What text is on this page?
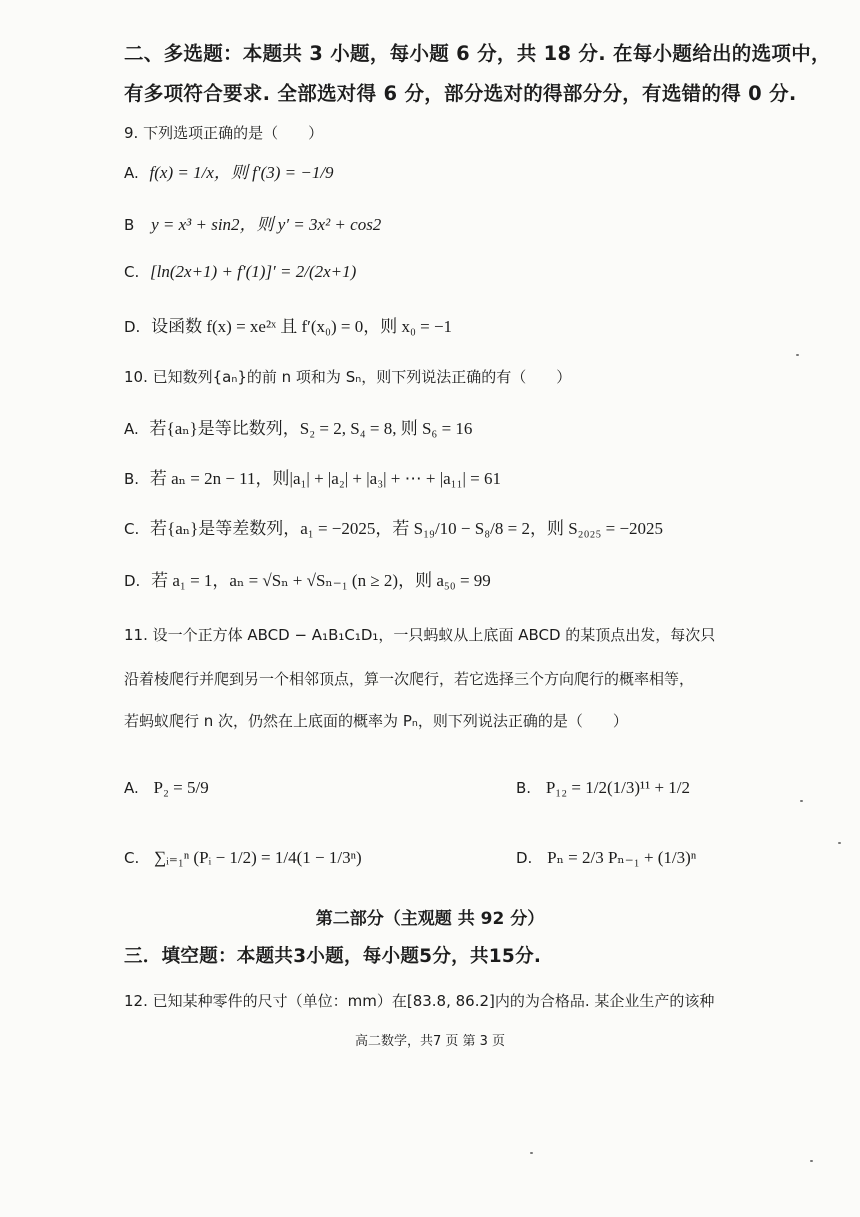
二、多选题：本题共 3 小题，每小题 6 分，共 18 分. 在每小题给出的选项中，
有多项符合要求. 全部选对得 6 分，部分选对的得部分分，有选错的得 0 分.
9. 下列选项正确的是（　　）
A. f(x) = 1/x，则 f′(3) = −1/9
B y = x³ + sin2，则 y′ = 3x² + cos2
C. [ln(2x+1) + f′(1)]′ = 2/(2x+1)
D. 设函数 f(x) = xe²ˣ 且 f′(x₀) = 0，则 x₀ = −1
10. 已知数列{aₙ}的前 n 项和为 Sₙ，则下列说法正确的有（　　）
A. 若{aₙ}是等比数列，S₂ = 2, S₄ = 8, 则 S₆ = 16
B. 若 aₙ = 2n − 11，则|a₁| + |a₂| + |a₃| + ⋯ + |a₁₁| = 61
C. 若{aₙ}是等差数列，a₁ = −2025，若 S₁₉/10 − S₈/8 = 2，则 S₂₀₂₅ = −2025
D. 若 a₁ = 1，aₙ = √Sₙ + √Sₙ₋₁ (n ≥ 2)，则 a₅₀ = 99
11. 设一个正方体 ABCD − A₁B₁C₁D₁，一只蚂蚁从上底面 ABCD 的某顶点出发，每次只
沿着棱爬行并爬到另一个相邻顶点，算一次爬行，若它选择三个方向爬行的概率相等，
若蚂蚁爬行 n 次，仍然在上底面的概率为 Pₙ，则下列说法正确的是（　　）
A. P₂ = 5/9	B. P₁₂ = 1/2(1/3)¹¹ + 1/2
C. ∑ᵢ₌₁ⁿ (Pᵢ − 1/2) = 1/4(1 − 1/3ⁿ)	D. Pₙ = 2/3 Pₙ₋₁ + (1/3)ⁿ
第二部分（主观题 共 92 分）
三．填空题：本题共3小题，每小题5分，共15分.
12. 已知某种零件的尺寸（单位：mm）在[83.8, 86.2]内的为合格品. 某企业生产的该种
高二数学，共7 页 第 3 页
